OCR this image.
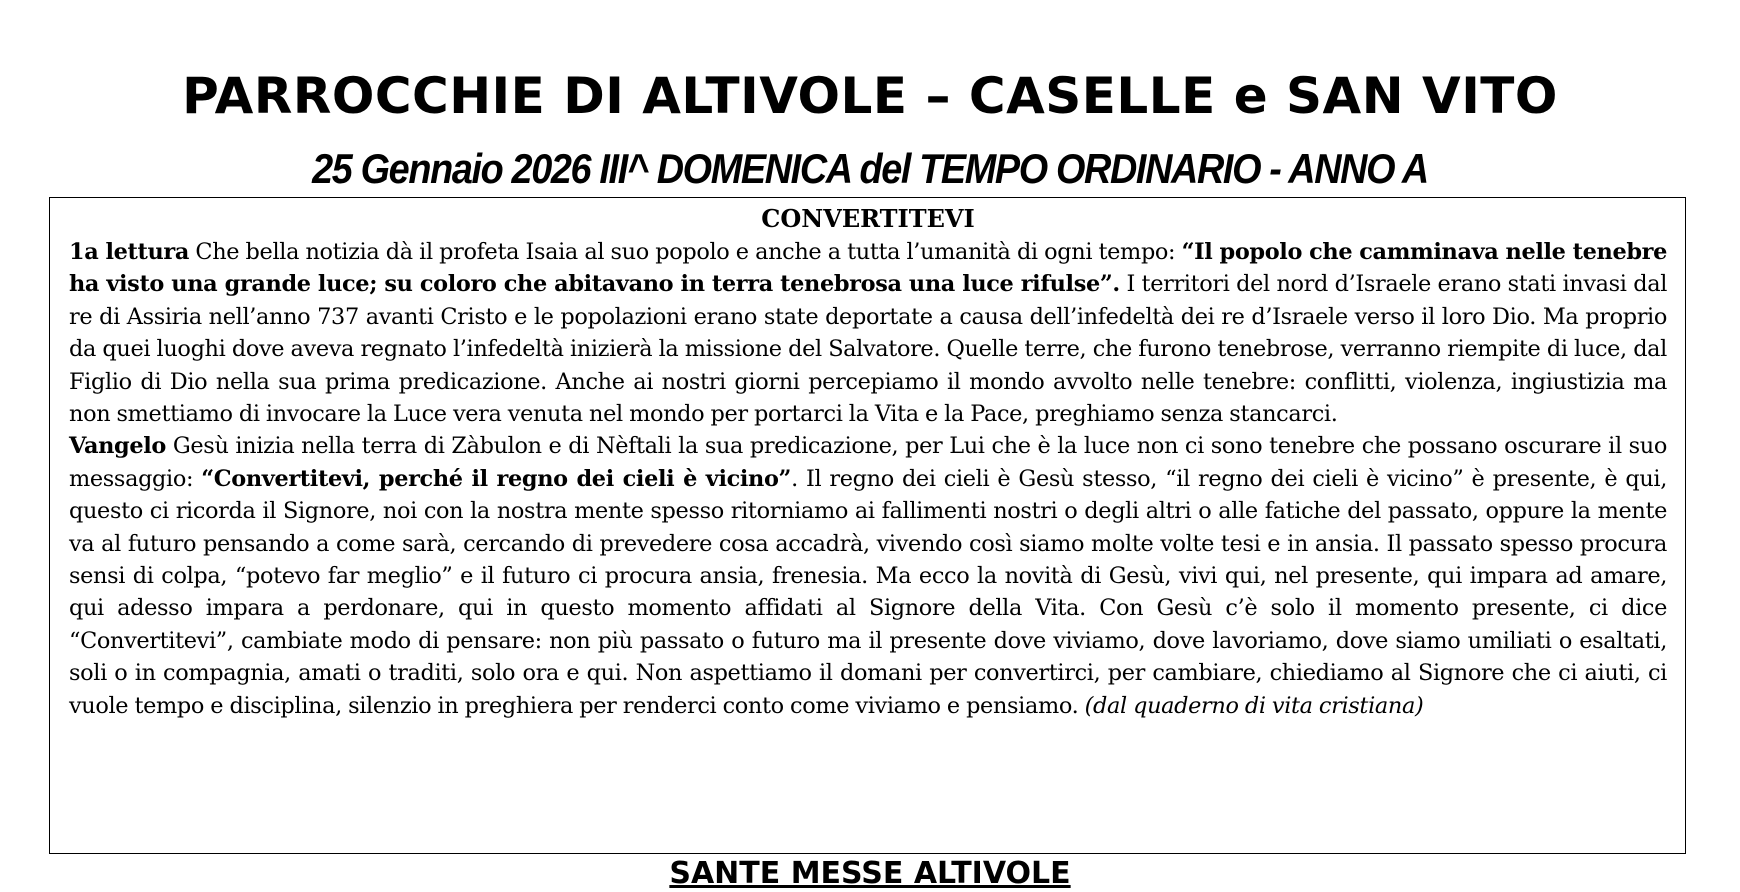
PARROCCHIE DI ALTIVOLE – CASELLE e SAN VITO
25 Gennaio 2026 III^ DOMENICA del TEMPO ORDINARIO - ANNO A
CONVERTITEVI

1a lettura Che bella notizia dà il profeta Isaia al suo popolo e anche a tutta l’umanità di ogni tempo: “Il popolo che camminava nelle tenebre ha visto una grande luce; su coloro che abitavano in terra tenebrosa una luce rifulse”. I territori del nord d’Israele erano stati invasi dal re di Assiria nell’anno 737 avanti Cristo e le popolazioni erano state deportate a causa dell’infedeltà dei re d’Israele verso il loro Dio. Ma proprio da quei luoghi dove aveva regnato l’infedeltà inizierà la missione del Salvatore. Quelle terre, che furono tenebrose, verranno riempite di luce, dal Figlio di Dio nella sua prima predicazione. Anche ai nostri giorni percepiamo il mondo avvolto nelle tenebre: conflitti, violenza, ingiustizia ma non smettiamo di invocare la Luce vera venuta nel mondo per portarci la Vita e la Pace, preghiamo senza stancarci.

Vangelo Gesù inizia nella terra di Zàbulon e di Nèftali la sua predicazione, per Lui che è la luce non ci sono tenebre che possano oscurare il suo messaggio: “Convertitevi, perché il regno dei cieli è vicino”. Il regno dei cieli è Gesù stesso, “il regno dei cieli è vicino” è presente, è qui, questo ci ricorda il Signore, noi con la nostra mente spesso ritorniamo ai fallimenti nostri o degli altri o alle fatiche del passato, oppure la mente va al futuro pensando a come sarà, cercando di prevedere cosa accadrà, vivendo così siamo molte volte tesi e in ansia. Il passato spesso procura sensi di colpa, “potevo far meglio” e il futuro ci procura ansia, frenesia. Ma ecco la novità di Gesù, vivi qui, nel presente, qui impara ad amare, qui adesso impara a perdonare, qui in questo momento affidati al Signore della Vita. Con Gesù c’è solo il momento presente, ci dice “Convertitevi”, cambiate modo di pensare: non più passato o futuro ma il presente dove viviamo, dove lavoriamo, dove siamo umiliati o esaltati, soli o in compagnia, amati o traditi, solo ora e qui. Non aspettiamo il domani per convertirci, per cambiare, chiediamo al Signore che ci aiuti, ci vuole tempo e disciplina, silenzio in preghiera per renderci conto come viviamo e pensiamo. (dal quaderno di vita cristiana)

SANTE MESSE ALTIVOLE
